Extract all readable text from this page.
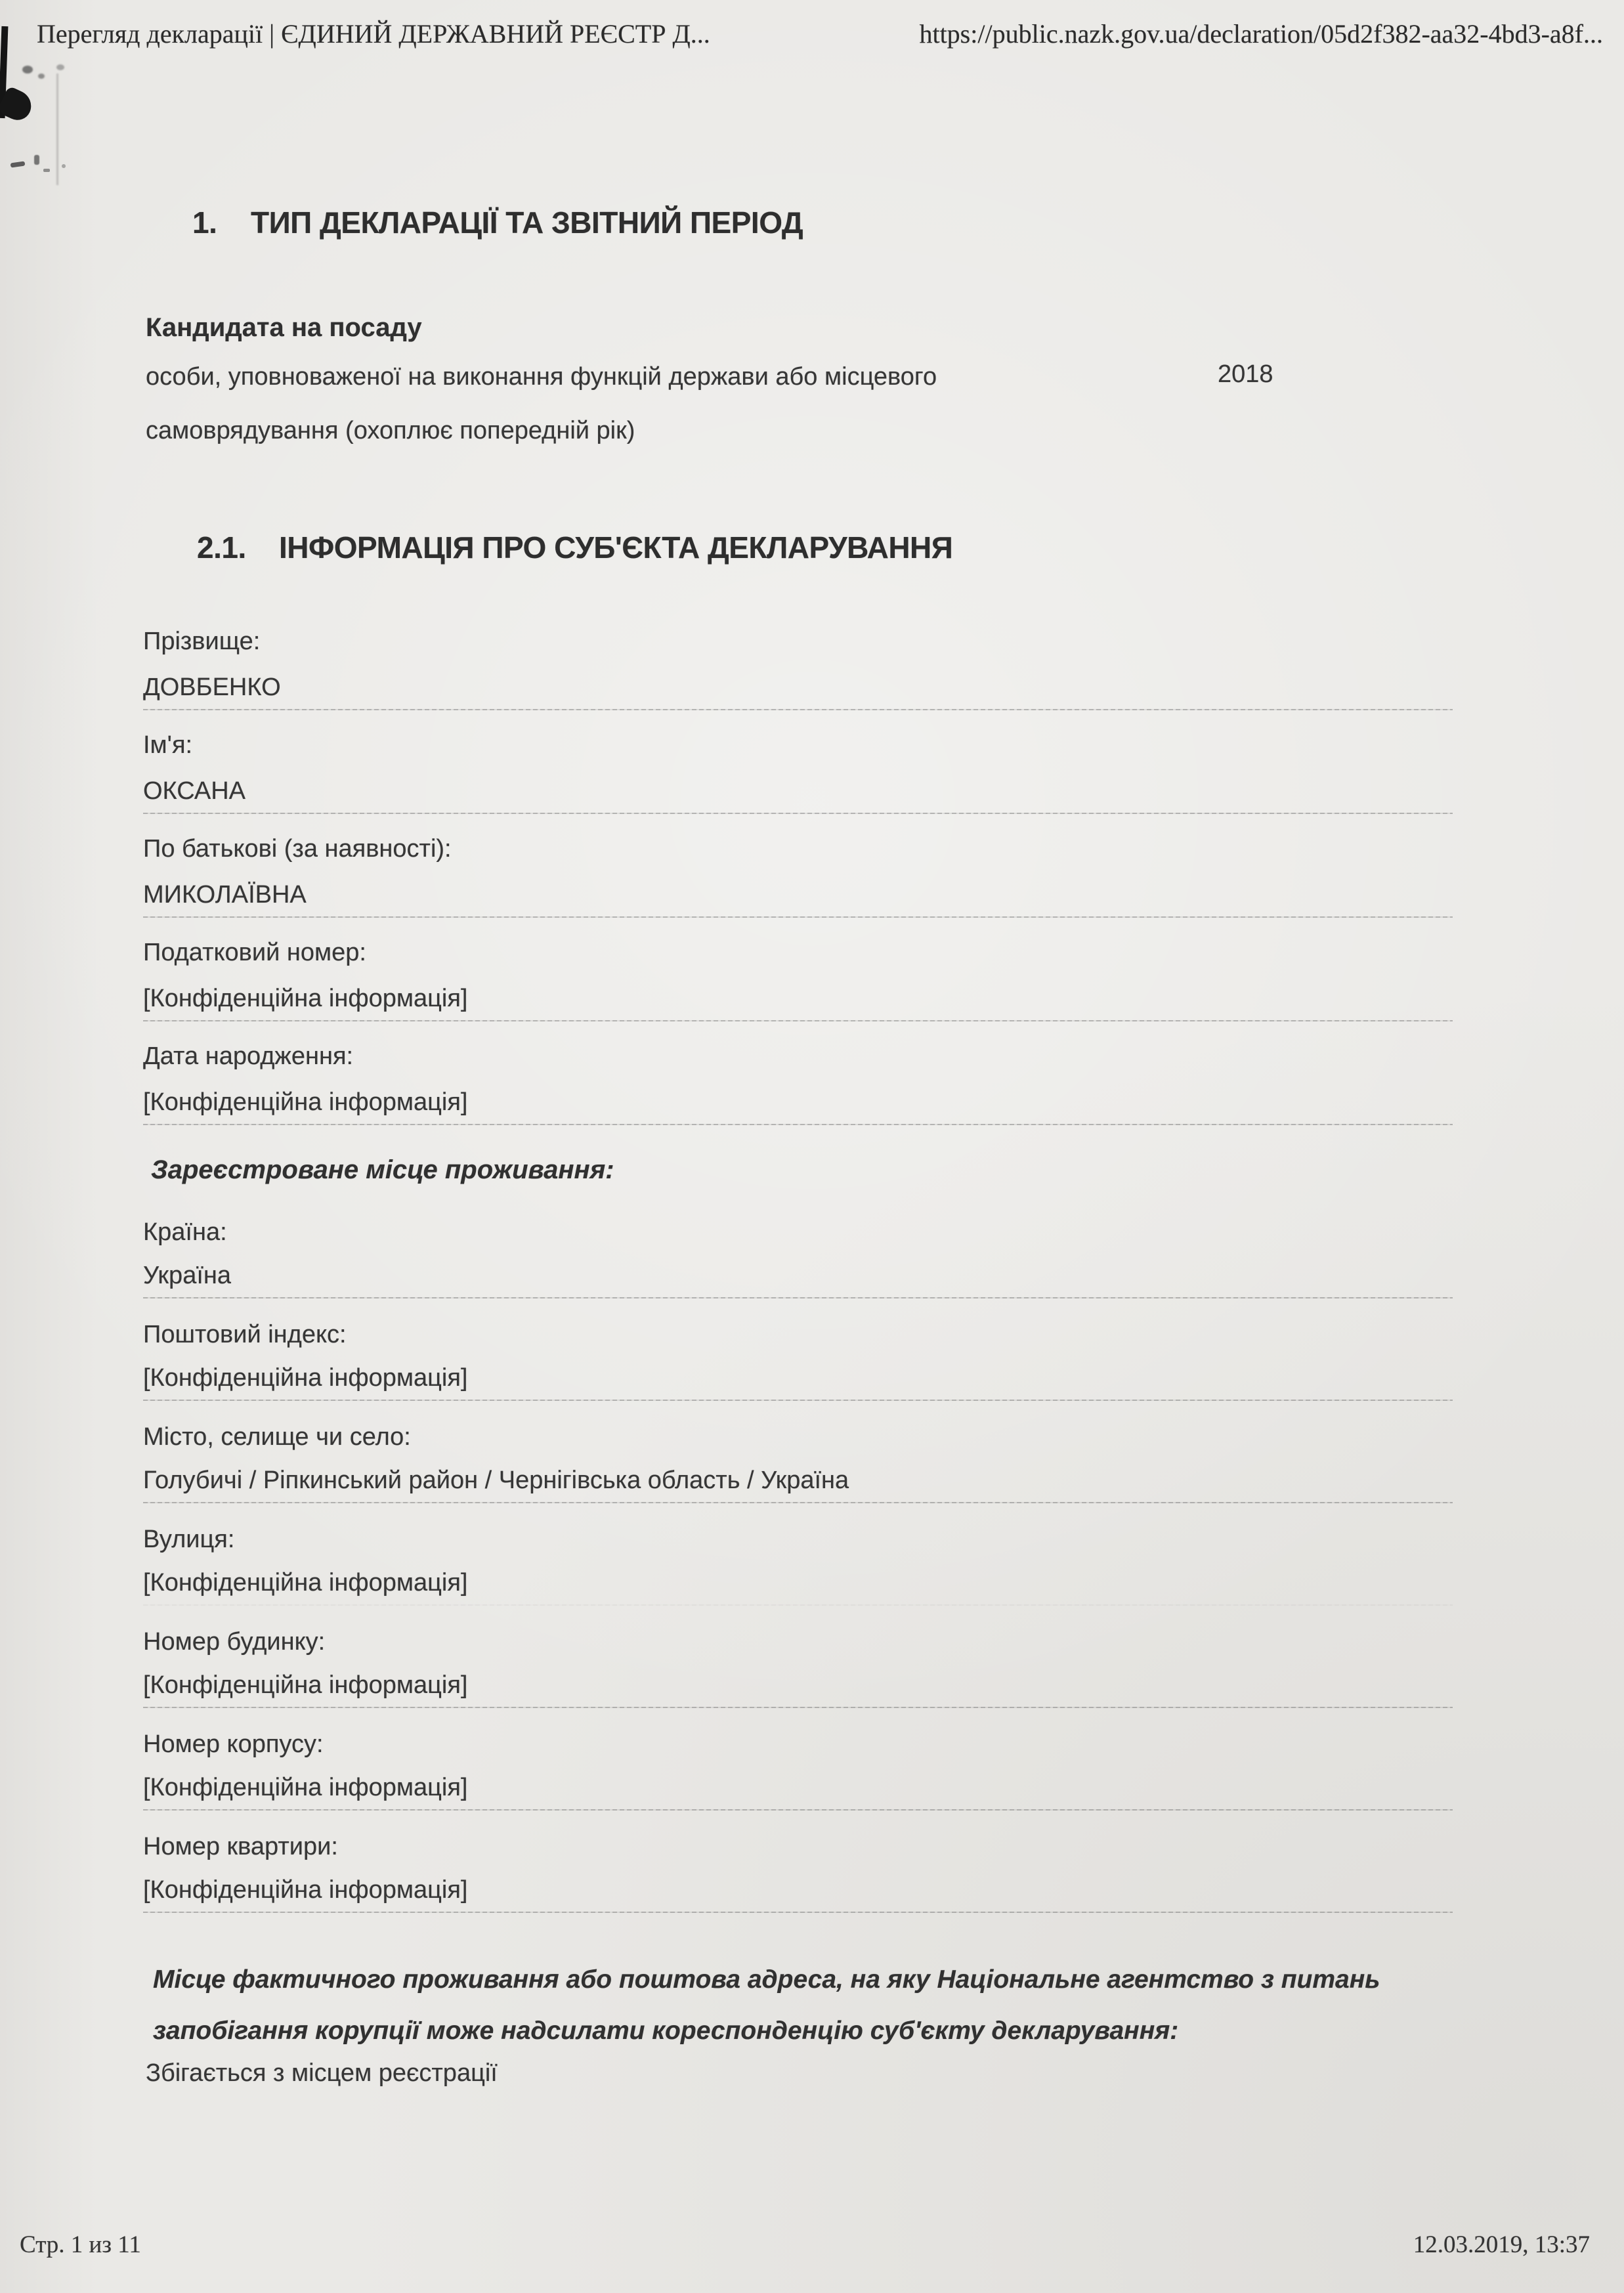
Перегляд декларації | ЄДИНИЙ ДЕРЖАВНИЙ РЕЄСТР Д...	https://public.nazk.gov.ua/declaration/05d2f382-aa32-4bd3-a8f...
1.	ТИП ДЕКЛАРАЦІЇ ТА ЗВІТНИЙ ПЕРІОД
Кандидата на посаду
особи, уповноваженої на виконання функцій держави або місцевого
самоврядування (охоплює попередній рік)
2018
2.1.	ІНФОРМАЦІЯ ПРО СУБ'ЄКТА ДЕКЛАРУВАННЯ
Прізвище:
ДОВБЕНКО
Ім'я:
ОКСАНА
По батькові (за наявності):
МИКОЛАЇВНА
Податковий номер:
[Конфіденційна інформація]
Дата народження:
[Конфіденційна інформація]
Зареєстроване місце проживання:
Країна:
Україна
Поштовий індекс:
[Конфіденційна інформація]
Місто, селище чи село:
Голубичі / Ріпкинський район / Чернігівська область / Україна
Вулиця:
[Конфіденційна інформація]
Номер будинку:
[Конфіденційна інформація]
Номер корпусу:
[Конфіденційна інформація]
Номер квартири:
[Конфіденційна інформація]
Місце фактичного проживання або поштова адреса, на яку Національне агентство з питань запобігання корупції може надсилати кореспонденцію суб'єкту декларування:
Збігається з місцем реєстрації
Стр. 1 из 11	12.03.2019, 13:37
